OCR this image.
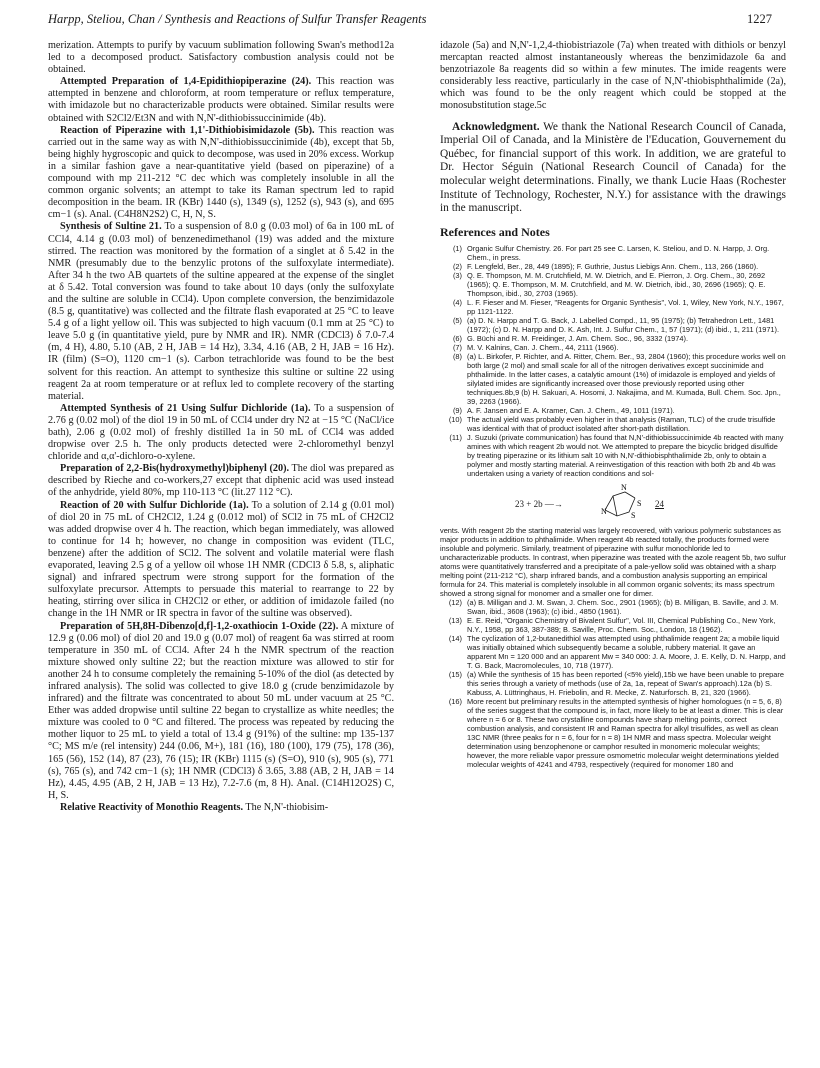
Harpp, Steliou, Chan / Synthesis and Reactions of Sulfur Transfer Reagents	1227

merization. Attempts to purify by vacuum sublimation following Swan's method12a led to a decomposed product. Satisfactory combustion analysis could not be obtained.

Attempted Preparation of 1,4-Epidithiopiperazine (24). This reaction was attempted in benzene and chloroform, at room temperature or reflux temperature, with imidazole but no characterizable products were obtained. Similar results were obtained with S2Cl2/Et3N and with N,N'-dithiobissuccinimide (4b).

Reaction of Piperazine with 1,1'-Dithiobisimidazole (5b). This reaction was carried out in the same way as with N,N'-dithiobissuccinimide (4b), except that 5b, being highly hygroscopic and quick to decompose, was used in 20% excess. Workup in a similar fashion gave a near-quantitative yield (based on piperazine) of a compound with mp 211-212 °C dec which was completely insoluble in all the common organic solvents; an attempt to take its Raman spectrum led to rapid decomposition in the beam. IR (KBr) 1440 (s), 1349 (s), 1252 (s), 943 (s), and 695 cm−1 (s). Anal. (C4H8N2S2) C, H, N, S.

Synthesis of Sultine 21. To a suspension of 8.0 g (0.03 mol) of 6a in 100 mL of CCl4, 4.14 g (0.03 mol) of benzenedimethanol (19) was added and the mixture stirred. The reaction was monitored by the formation of a singlet at δ 5.42 in the NMR (presumably due to the benzylic protons of the sulfoxylate intermediate). After 34 h the two AB quartets of the sultine appeared at the expense of the singlet at δ 5.42. Total conversion was found to take about 10 days (only the sulfoxylate and the sultine are soluble in CCl4). Upon complete conversion, the benzimidazole (8.5 g, quantitative) was collected and the filtrate flash evaporated at 25 °C to leave 5.4 g of a light yellow oil. This was subjected to high vacuum (0.1 mm at 25 °C) to leave 5.0 g (in quantitative yield, pure by NMR and IR). NMR (CDCl3) δ 7.0-7.4 (m, 4 H), 4.80, 5.10 (AB, 2 H, JAB = 14 Hz), 3.34, 4.16 (AB, 2 H, JAB = 16 Hz). IR (film) (S=O), 1120 cm−1 (s). Carbon tetrachloride was found to be the best solvent for this reaction. An attempt to synthesize this sultine or sultine 22 using reagent 2a at room temperature or at reflux led to complete recovery of the starting material.

Attempted Synthesis of 21 Using Sulfur Dichloride (1a). To a suspension of 2.76 g (0.02 mol) of the diol 19 in 50 mL of CCl4 under dry N2 at −15 °C (NaCl/ice bath), 2.06 g (0.02 mol) of freshly distilled 1a in 50 mL of CCl4 was added dropwise over 2.5 h. The only products detected were 2-chloromethyl benzyl chloride and α,α'-dichloro-o-xylene.

Preparation of 2,2-Bis(hydroxymethyl)biphenyl (20). The diol was prepared as described by Rieche and co-workers,27 except that diphenic acid was used instead of the anhydride, yield 80%, mp 110-113 °C (lit.27 112 °C).

Reaction of 20 with Sulfur Dichloride (1a). To a solution of 2.14 g (0.01 mol) of diol 20 in 75 mL of CH2Cl2, 1.24 g (0.012 mol) of SCl2 in 75 mL of CH2Cl2 was added dropwise over 4 h. The reaction, which began immediately, was allowed to continue for 14 h; however, no change in composition was evident (TLC, benzene) after the addition of SCl2. The solvent and volatile material were flash evaporated, leaving 2.5 g of a yellow oil whose 1H NMR (CDCl3 δ 5.8, s, aliphatic signal) and infrared spectrum were strong support for the formation of the sulfoxylate precursor. Attempts to persuade this material to rearrange to 22 by heating, stirring over silica in CH2Cl2 or ether, or addition of imidazole failed (no change in the 1H NMR or IR spectra in favor of the sultine was observed).

Preparation of 5H,8H-Dibenzo[d,f]-1,2-oxathiocin 1-Oxide (22). A mixture of 12.9 g (0.06 mol) of diol 20 and 19.0 g (0.07 mol) of reagent 6a was stirred at room temperature in 350 mL of CCl4. After 24 h the NMR spectrum of the reaction mixture showed only sultine 22; but the reaction mixture was allowed to stir for another 24 h to consume completely the remaining 5-10% of the diol (as detected by infrared analysis). The solid was collected to give 18.0 g (crude benzimidazole by infrared) and the filtrate was concentrated to about 50 mL under vacuum at 25 °C. Ether was added dropwise until sultine 22 began to crystallize as white needles; the mixture was cooled to 0 °C and filtered. The process was repeated by reducing the mother liquor to 25 mL to yield a total of 13.4 g (91%) of the sultine: mp 135-137 °C; MS m/e (rel intensity) 244 (0.06, M+), 181 (16), 180 (100), 179 (75), 178 (36), 165 (56), 152 (14), 87 (23), 76 (15); IR (KBr) 1115 (s) (S=O), 910 (s), 905 (s), 771 (s), 765 (s), and 742 cm−1 (s); 1H NMR (CDCl3) δ 3.65, 3.88 (AB, 2 H, JAB = 14 Hz), 4.45, 4.95 (AB, 2 H, JAB = 13 Hz), 7.2-7.6 (m, 8 H). Anal. (C14H12O2S) C, H, S.

Relative Reactivity of Monothio Reagents. The N,N'-thiobisim-

idazole (5a) and N,N'-1,2,4-thiobistriazole (7a) when treated with dithiols or benzyl mercaptan reacted almost instantaneously whereas the benzimidazole 6a and benzotriazole 8a reagents did so within a few minutes. The imide reagents were considerably less reactive, particularly in the case of N,N'-thiobisphthalimide (2a), which was found to be the only reagent which could be stopped at the monosubstitution stage.5c

Acknowledgment. We thank the National Research Council of Canada, Imperial Oil of Canada, and la Ministère de l'Education, Gouvernement du Québec, for financial support of this work. In addition, we are grateful to Dr. Hector Séguin (National Research Council of Canada) for the molecular weight determinations. Finally, we thank Lucie Haas (Rochester Institute of Technology, Rochester, N.Y.) for assistance with the drawings in the manuscript.

References and Notes
(1) Organic Sulfur Chemistry. 26. For part 25 see C. Larsen, K. Steliou, and D. N. Harpp, J. Org. Chem., in press.
(2) F. Lengfeld, Ber., 28, 449 (1895); F. Guthrie, Justus Liebigs Ann. Chem., 113, 266 (1860).
(3) Q. E. Thompson, M. M. Crutchfield, M. W. Dietrich, and E. Pierron, J. Org. Chem., 30, 2692 (1965); Q. E. Thompson, M. M. Crutchfield, and M. W. Dietrich, ibid., 30, 2696 (1965); Q. E. Thompson, ibid., 30, 2703 (1965).
(4) L. F. Fieser and M. Fieser, "Reagents for Organic Synthesis", Vol. 1, Wiley, New York, N.Y., 1967, pp 1121-1122.
(5) (a) D. N. Harpp and T. G. Back, J. Labelled Compd., 11, 95 (1975); (b) Tetrahedron Lett., 1481 (1972); (c) D. N. Harpp and D. K. Ash, Int. J. Sulfur Chem., 1, 57 (1971); (d) ibid., 1, 211 (1971).
(6) G. Büchi and R. M. Freidinger, J. Am. Chem. Soc., 96, 3332 (1974).
(7) M. V. Kalnins, Can. J. Chem., 44, 2111 (1966).
(8) (a) L. Birkofer, P. Richter, and A. Ritter, Chem. Ber., 93, 2804 (1960); this procedure works well on both large (2 mol) and small scale for all of the nitrogen derivatives except succinimide and phthalimide. In the latter cases, a catalytic amount (1%) of imidazole is employed and yields of silylated imides are significantly increased over those previously reported using other techniques.8b,9 (b) H. Sakuari, A. Hosomi, J. Nakajima, and M. Kumada, Bull. Chem. Soc. Jpn., 39, 2263 (1966).
(9) A. F. Jansen and E. A. Kramer, Can. J. Chem., 49, 1011 (1971).
(10) The actual yield was probably even higher in that analysis (Raman, TLC) of the crude trisulfide was identical with that of product isolated after short-path distillation.
(11) J. Suzuki (private communication) has found that N,N'-dithiobissuccinimide 4b reacted with many amines with which reagent 2b would not. We attempted to prepare the bicyclic bridged disulfide by treating piperazine or its lithium salt 10 with N,N'-dithiobisphthalimide 2b, only to obtain a polymer and mostly starting material. A reinvestigation of this reaction with both 2b and 4b was undertaken using a variety of reaction conditions and sol-
23 + 2b —→
N
S
N
S
24
vents. With reagent 2b the starting material was largely recovered, with various polymeric substances as major products in addition to phthalimide. When reagent 4b reacted totally, the products formed were insoluble and polymeric. Similarly, treatment of piperazine with sulfur monochloride led to uncharacterizable products. In contrast, when piperazine was treated with the azole reagent 5b, two sulfur atoms were quantitatively transferred and a precipitate of a pale-yellow solid was obtained with a sharp melting point (211-212 °C), sharp infrared bands, and a combustion analysis supporting an empirical formula for 24. This material is completely insoluble in all common organic solvents; its mass spectrum showed a strong signal for monomer and a smaller one for dimer.
(12) (a) B. Milligan and J. M. Swan, J. Chem. Soc., 2901 (1965); (b) B. Milligan, B. Saville, and J. M. Swan, ibid., 3608 (1963); (c) ibid., 4850 (1961).
(13) E. E. Reid, "Organic Chemistry of Bivalent Sulfur", Vol. III, Chemical Publishing Co., New York, N.Y., 1958, pp 363, 387-389; B. Saville, Proc. Chem. Soc., London, 18 (1962).
(14) The cyclization of 1,2-butanedithiol was attempted using phthalimide reagent 2a; a mobile liquid was initially obtained which subsequently became a soluble, rubbery material. It gave an apparent Mn = 120 000 and an apparent Mw = 340 000: J. A. Moore, J. E. Kelly, D. N. Harpp, and T. G. Back, Macromolecules, 10, 718 (1977).
(15) (a) While the synthesis of 15 has been reported (<5% yield),15b we have been unable to prepare this series through a variety of methods (use of 2a, 1a, repeat of Swan's approach).12a (b) S. Kabuss, A. Lüttringhaus, H. Friebolin, and R. Mecke, Z. Naturforsch. B, 21, 320 (1966).
(16) More recent but preliminary results in the attempted synthesis of higher homologues (n = 5, 6, 8) of the series suggest that the compound is, in fact, more likely to be at least a dimer. This is clear where n = 6 or 8. These two crystalline compounds have sharp melting points, correct combustion analysis, and consistent IR and Raman spectra for alkyl trisulfides, as well as clean 13C NMR (three peaks for n = 6, four for n = 8) 1H NMR and mass spectra. Molecular weight determination using benzophenone or camphor resulted in monomeric molecular weights; however, the more reliable vapor pressure osmometric molecular weight determinations yielded molecular weights of 4241 and 4793, respectively (required for monomer 180 and
